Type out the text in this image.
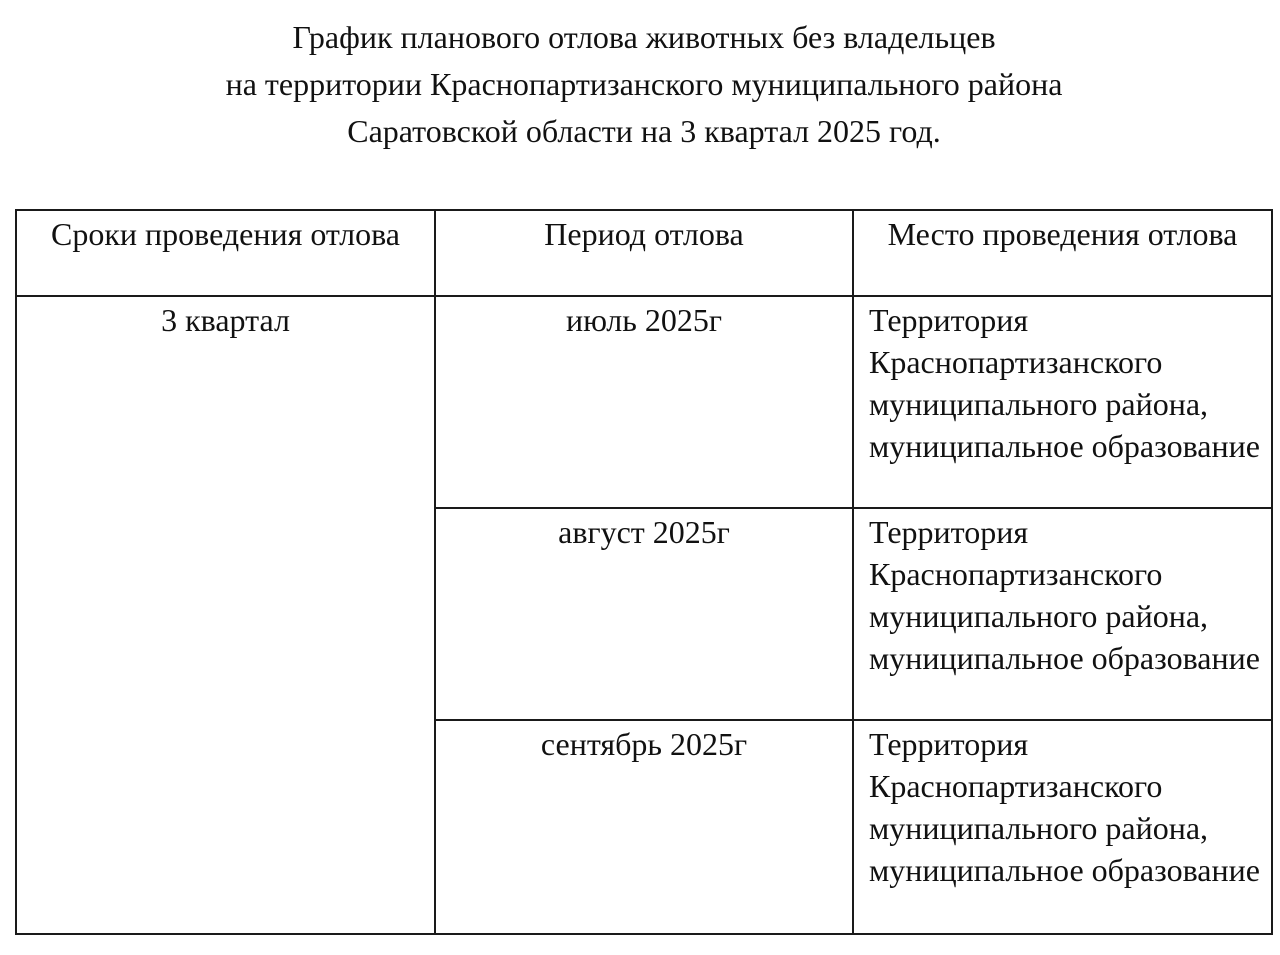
График планового отлова животных без владельцев
на территории Краснопартизанского муниципального района
Саратовской области на 3 квартал 2025 год.
Сроки проведения отлова	Период отлова	Место проведения отлова
3 квартал	июль 2025г	Территория Краснопартизанского муниципального района, муниципальное образование
	август 2025г	Территория Краснопартизанского муниципального района, муниципальное образование
	сентябрь 2025г	Территория Краснопартизанского муниципального района, муниципальное образование
